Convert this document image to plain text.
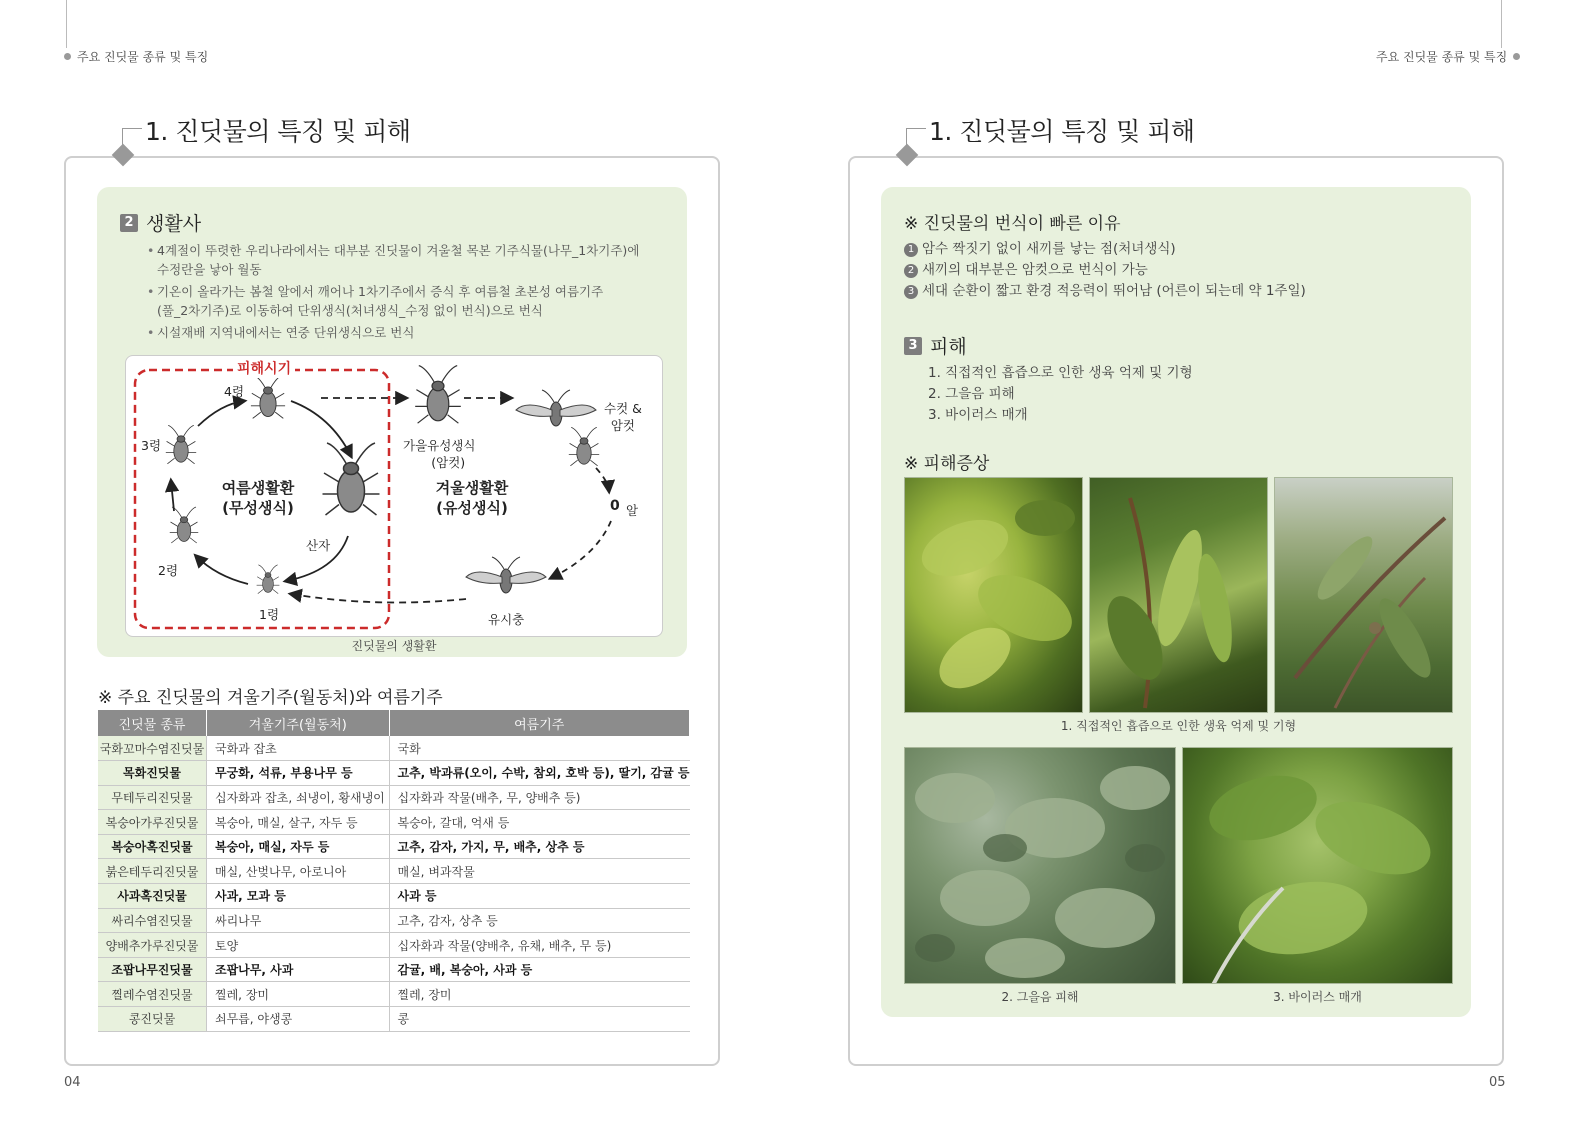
주요 진딧물 종류 및 특징
1. 진딧물의 특징 및 피해
2 생활사
• 4계절이 뚜렷한 우리나라에서는 대부분 진딧물이 겨울철 목본 기주식물(나무_1차기주)에
수정란을 낳아 월동
• 기온이 올라가는 봄철 알에서 깨어나 1차기주에서 증식 후 여름철 초본성 여름기주
(풀_2차기주)로 이동하여 단위생식(처녀생식_수정 없이 번식)으로 번식
• 시설재배 지역내에서는 연중 단위생식으로 번식
피해시기
4령
3령
2령
1령
여름생활환
(무성생식)
산자
가을유성생식
(암컷)
겨울생활환
(유성생식)
수컷 &
암컷
0 알
유시충
진딧물의 생활환
※ 주요 진딧물의 겨울기주(월동처)와 여름기주
진딧물 종류	겨울기주(월동처)	여름기주
국화꼬마수염진딧물	국화과 잡초	국화
목화진딧물	무궁화, 석류, 부용나무 등	고추, 박과류(오이, 수박, 참외, 호박 등), 딸기, 감귤 등
무테두리진딧물	십자화과 잡초, 쇠냉이, 황새냉이	십자화과 작물(배추, 무, 양배추 등)
복숭아가루진딧물	복숭아, 매실, 살구, 자두 등	복숭아, 갈대, 억새 등
복숭아혹진딧물	복숭아, 매실, 자두 등	고추, 감자, 가지, 무, 배추, 상추 등
붉은테두리진딧물	매실, 산벚나무, 아로니아	매실, 벼과작물
사과혹진딧물	사과, 모과 등	사과 등
싸리수염진딧물	싸리나무	고추, 감자, 상추 등
양배추가루진딧물	토양	십자화과 작물(양배추, 유채, 배추, 무 등)
조팝나무진딧물	조팝나무, 사과	감귤, 배, 복숭아, 사과 등
찔레수염진딧물	찔레, 장미	찔레, 장미
콩진딧물	쇠무릅, 야생콩	콩
04
주요 진딧물 종류 및 특징
1. 진딧물의 특징 및 피해
※ 진딧물의 번식이 빠른 이유
1 암수 짝짓기 없이 새끼를 낳는 점(처녀생식)
2 새끼의 대부분은 암컷으로 번식이 가능
3 세대 순환이 짧고 환경 적응력이 뛰어남 (어른이 되는데 약 1주일)
3 피해
1. 직접적인 흡즙으로 인한 생육 억제 및 기형
2. 그을음 피해
3. 바이러스 매개
※ 피해증상
1. 직접적인 흡즙으로 인한 생육 억제 및 기형
2. 그을음 피해	3. 바이러스 매개
05
